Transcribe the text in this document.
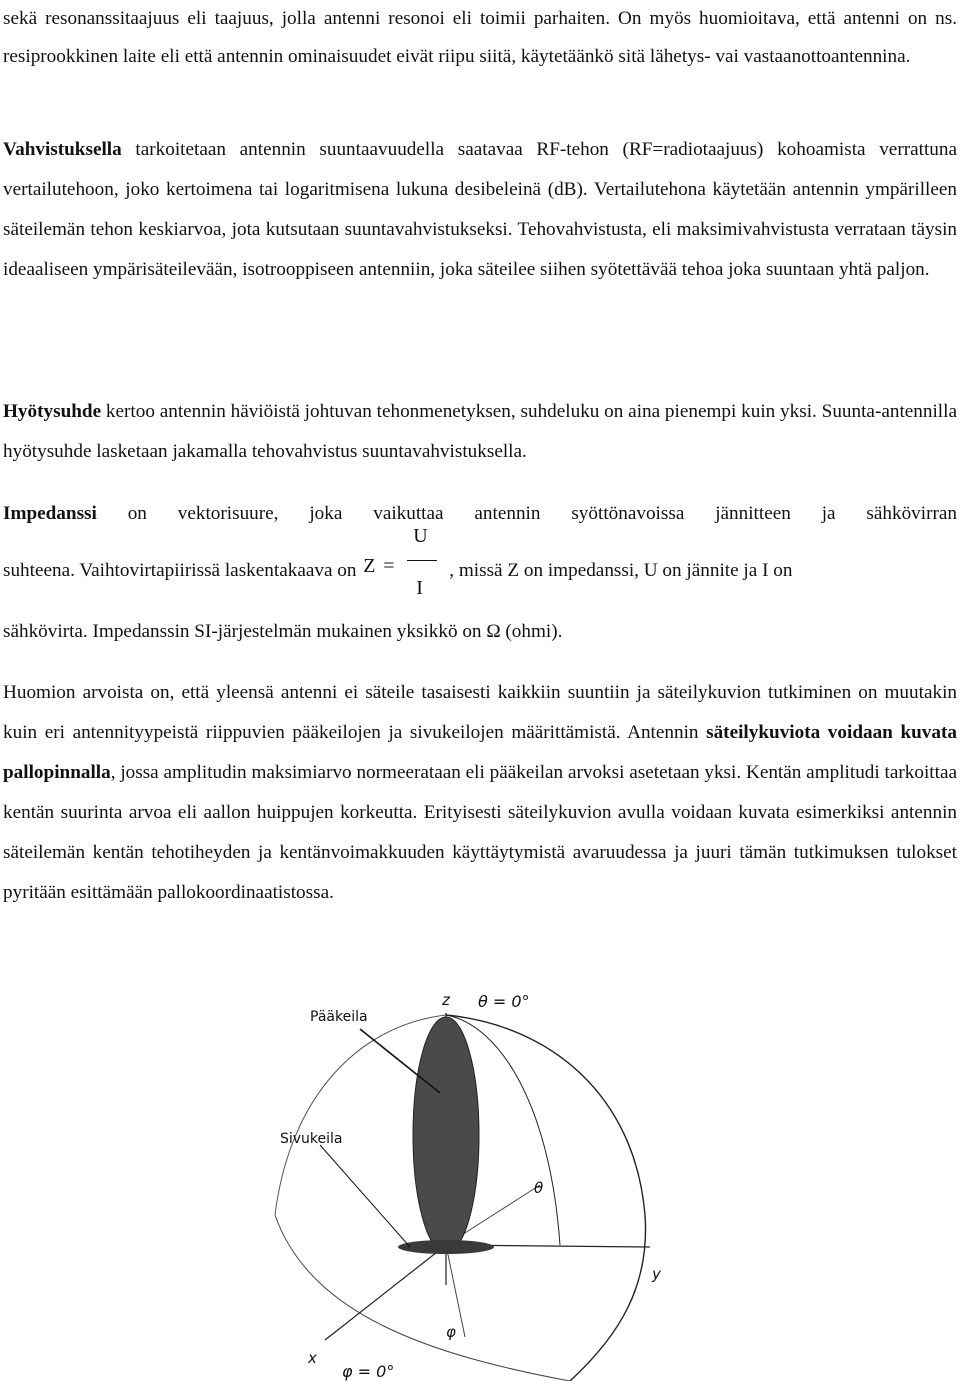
sekä resonanssitaajuus eli taajuus, jolla antenni resonoi eli toimii parhaiten. On myös huomioitava, että antenni on ns. resiprookkinen laite eli että antennin ominaisuudet eivät riipu siitä, käytetäänkö sitä lähetys- vai vastaanottoantennina.

Vahvistuksella tarkoitetaan antennin suuntaavuudella saatavaa RF-tehon (RF=radiotaajuus) kohoamista verrattuna vertailutehoon, joko kertoimena tai logaritmisena lukuna desibeleinä (dB). Vertailutehona käytetään antennin ympärilleen säteilemän tehon keskiarvoa, jota kutsutaan suuntavahvistukseksi. Tehovahvistusta, eli maksimivahvistusta verrataan täysin ideaaliseen ympärisäteilevään, isotrooppiseen antenniin, joka säteilee siihen syötettävää tehoa joka suuntaan yhtä paljon.

Hyötysuhde kertoo antennin häviöistä johtuvan tehonmenetyksen, suhdeluku on aina pienempi kuin yksi. Suunta-antennilla hyötysuhde lasketaan jakamalla tehovahvistus suuntavahvistuksella.

Impedanssi on vektorisuure, joka vaikuttaa antennin syöttönavoissa jännitteen ja sähkövirran

suhteena. Vaihtovirtapiirissä laskentakaava on Z =
U
I
, missä Z on impedanssi, U on jännite ja I on

sähkövirta. Impedanssin SI-järjestelmän mukainen yksikkö on Ω (ohmi).

Huomion arvoista on, että yleensä antenni ei säteile tasaisesti kaikkiin suuntiin ja säteilykuvion tutkiminen on muutakin kuin eri antennityypeistä riippuvien pääkeilojen ja sivukeilojen määrittämistä. Antennin säteilykuviota voidaan kuvata pallopinnalla, jossa amplitudin maksimiarvo normeerataan eli pääkeilan arvoksi asetetaan yksi. Kentän amplitudi tarkoittaa kentän suurinta arvoa eli aallon huippujen korkeutta. Erityisesti säteilykuvion avulla voidaan kuvata esimerkiksi antennin säteilemän kentän tehotiheyden ja kentänvoimakkuuden käyttäytymistä avaruudessa ja juuri tämän tutkimuksen tulokset pyritään esittämään pallokoordinaatistossa.

Pääkeila
Sivukeila
z θ = 0°
θ
y
φ
x
φ = 0°
